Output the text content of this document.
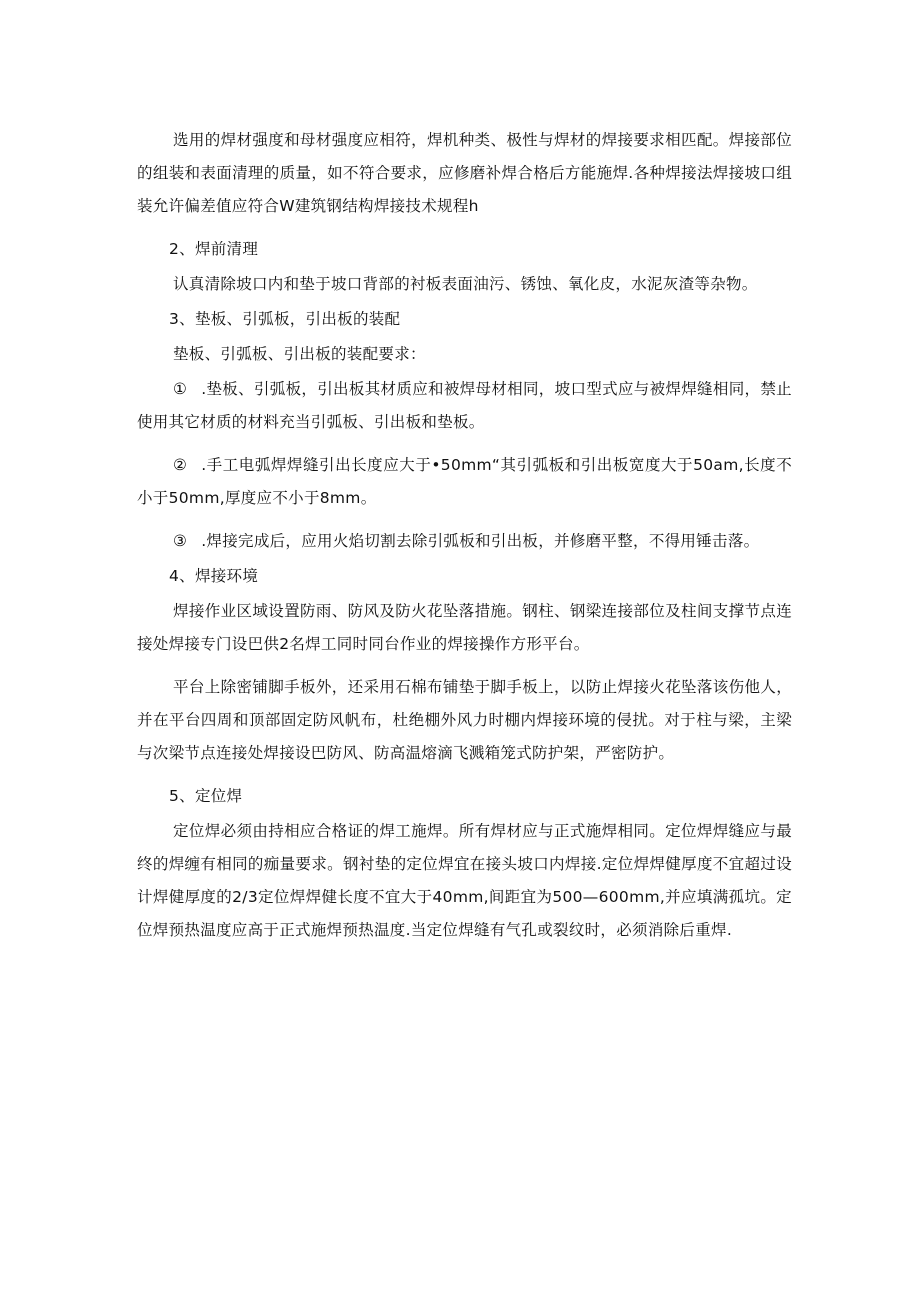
选用的焊材强度和母材强度应相符，焊机种类、极性与焊材的焊接要求相匹配。焊接部位的组装和表面清理的质量，如不符合要求，应修磨补焊合格后方能施焊.各种焊接法焊接坡口组装允许偏差值应符合W建筑钢结构焊接技术规程h

2、焊前清理

认真清除坡口内和垫于坡口背部的衬板表面油污、锈蚀、氧化皮，水泥灰渣等杂物。

3、垫板、引弧板，引出板的装配

垫板、引弧板、引出板的装配要求：

① .垫板、引弧板，引出板其材质应和被焊母材相同，坡口型式应与被焊焊缝相同，禁止使用其它材质的材料充当引弧板、引出板和垫板。

② .手工电弧焊焊缝引出长度应大于•50mm“其引弧板和引出板宽度大于50am,长度不小于50mm,厚度应不小于8mm。

③ .焊接完成后，应用火焰切割去除引弧板和引出板，并修磨平整，不得用锤击落。

4、焊接环境

焊接作业区域设置防雨、防风及防火花坠落措施。钢柱、钢梁连接部位及柱间支撑节点连接处焊接专门设巴供2名焊工同时同台作业的焊接操作方形平台。

平台上除密铺脚手板外，还采用石棉布铺垫于脚手板上，以防止焊接火花坠落该伤他人，并在平台四周和顶部固定防风帆布，杜绝棚外风力时棚内焊接环境的侵扰。对于柱与梁，主梁与次梁节点连接处焊接设巴防风、防高温熔滴飞溅箱笼式防护架，严密防护。

5、定位焊

定位焊必须由持相应合格证的焊工施焊。所有焊材应与正式施焊相同。定位焊焊缝应与最终的焊缠有相同的痂量要求。钢衬垫的定位焊宜在接头坡口内焊接.定位焊焊健厚度不宜超过设计焊健厚度的2/3定位焊焊健长度不宜大于40mm,间距宜为500—600mm,并应填满孤坑。定位焊预热温度应高于正式施焊预热温度.当定位焊缝有气孔或裂纹时，必须消除后重焊.
